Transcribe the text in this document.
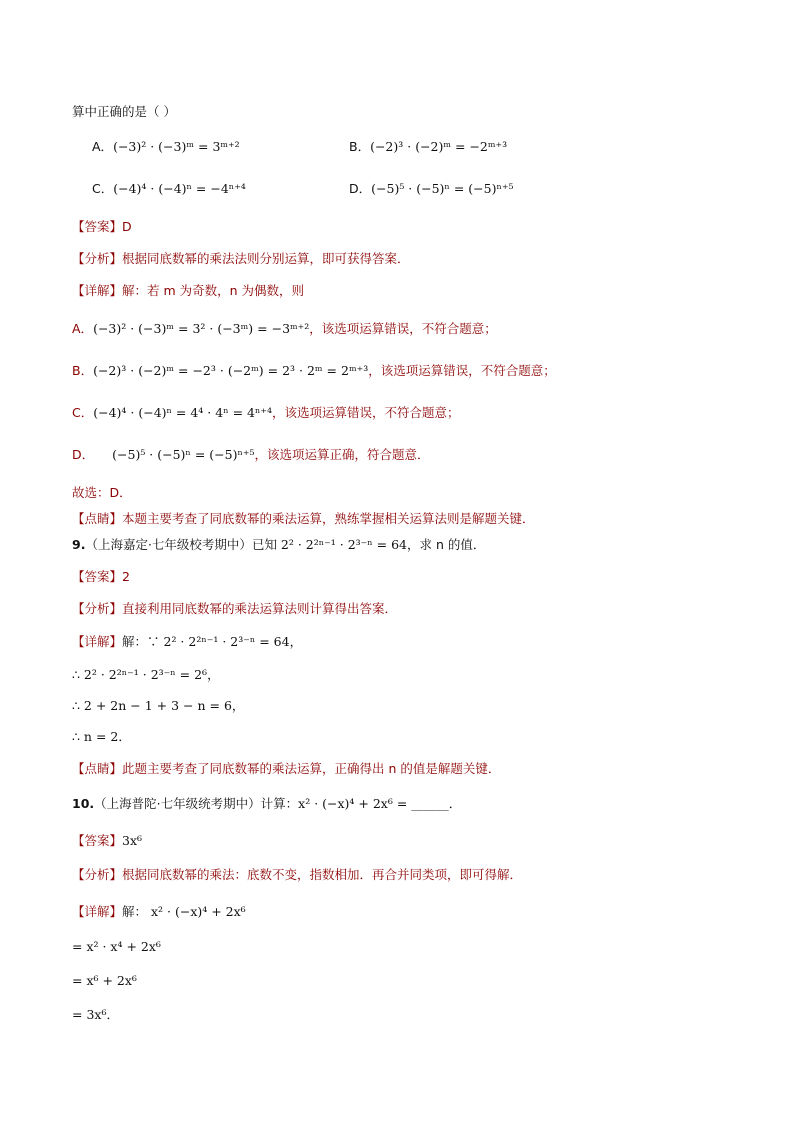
算中正确的是（ ）
A．(−3)² · (−3)ᵐ = 3ᵐ⁺²	B．(−2)³ · (−2)ᵐ = −2ᵐ⁺³
C．(−4)⁴ · (−4)ⁿ = −4ⁿ⁺⁴	D．(−5)⁵ · (−5)ⁿ = (−5)ⁿ⁺⁵
【答案】D
【分析】根据同底数幂的乘法法则分别运算，即可获得答案．
【详解】解：若 m 为奇数，n 为偶数，则
A．(−3)² · (−3)ᵐ = 3² · (−3ᵐ) = −3ᵐ⁺²，该选项运算错误，不符合题意；
B．(−2)³ · (−2)ᵐ = −2³ · (−2ᵐ) = 2³ · 2ᵐ = 2ᵐ⁺³，该选项运算错误，不符合题意；
C．(−4)⁴ · (−4)ⁿ = 4⁴ · 4ⁿ = 4ⁿ⁺⁴，该选项运算错误，不符合题意；
D． (−5)⁵ · (−5)ⁿ = (−5)ⁿ⁺⁵，该选项运算正确，符合题意．
故选：D．
【点睛】本题主要考查了同底数幂的乘法运算，熟练掌握相关运算法则是解题关键．
9.（上海嘉定·七年级校考期中）已知 2² · 2²ⁿ⁻¹ · 2³⁻ⁿ = 64，求 n 的值．
【答案】2
【分析】直接利用同底数幂的乘法运算法则计算得出答案．
【详解】解：∵ 2² · 2²ⁿ⁻¹ · 2³⁻ⁿ = 64，
∴ 2² · 2²ⁿ⁻¹ · 2³⁻ⁿ = 2⁶，
∴ 2 + 2n − 1 + 3 − n = 6，
∴ n = 2．
【点睛】此题主要考查了同底数幂的乘法运算，正确得出 n 的值是解题关键．
10.（上海普陀·七年级统考期中）计算：x² · (−x)⁴ + 2x⁶ = ______．
【答案】3x⁶
【分析】根据同底数幂的乘法：底数不变，指数相加．再合并同类项，即可得解．
【详解】解： x² · (−x)⁴ + 2x⁶
= x² · x⁴ + 2x⁶
= x⁶ + 2x⁶
= 3x⁶．
